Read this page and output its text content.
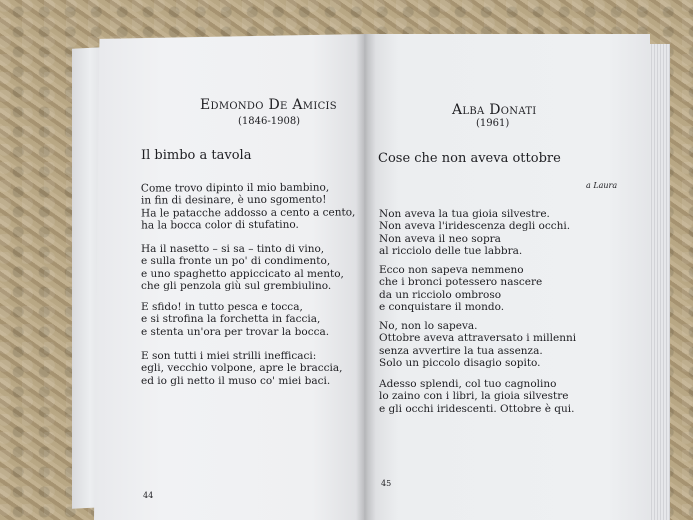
Edmondo De Amicis
(1846-1908)
Il bimbo a tavola
Come trovo dipinto il mio bambino,
in fin di desinare, è uno sgomento!
Ha le patacche addosso a cento a cento,
ha la bocca color di stufatino.
Ha il nasetto – si sa – tinto di vino,
e sulla fronte un po' di condimento,
e uno spaghetto appiccicato al mento,
che gli penzola giù sul grembiulino.
E sfido! in tutto pesca e tocca,
e si strofina la forchetta in faccia,
e stenta un'ora per trovar la bocca.
E son tutti i miei strilli inefficaci:
egli, vecchio volpone, apre le braccia,
ed io gli netto il muso co' miei baci.
44
Alba Donati
(1961)
Cose che non aveva ottobre
a Laura
Non aveva la tua gioia silvestre.
Non aveva l'iridescenza degli occhi.
Non aveva il neo sopra
al ricciolo delle tue labbra.
Ecco non sapeva nemmeno
che i bronci potessero nascere
da un ricciolo ombroso
e conquistare il mondo.
No, non lo sapeva.
Ottobre aveva attraversato i millenni
senza avvertire la tua assenza.
Solo un piccolo disagio sopito.
Adesso splendi, col tuo cagnolino
lo zaino con i libri, la gioia silvestre
e gli occhi iridescenti. Ottobre è qui.
45
